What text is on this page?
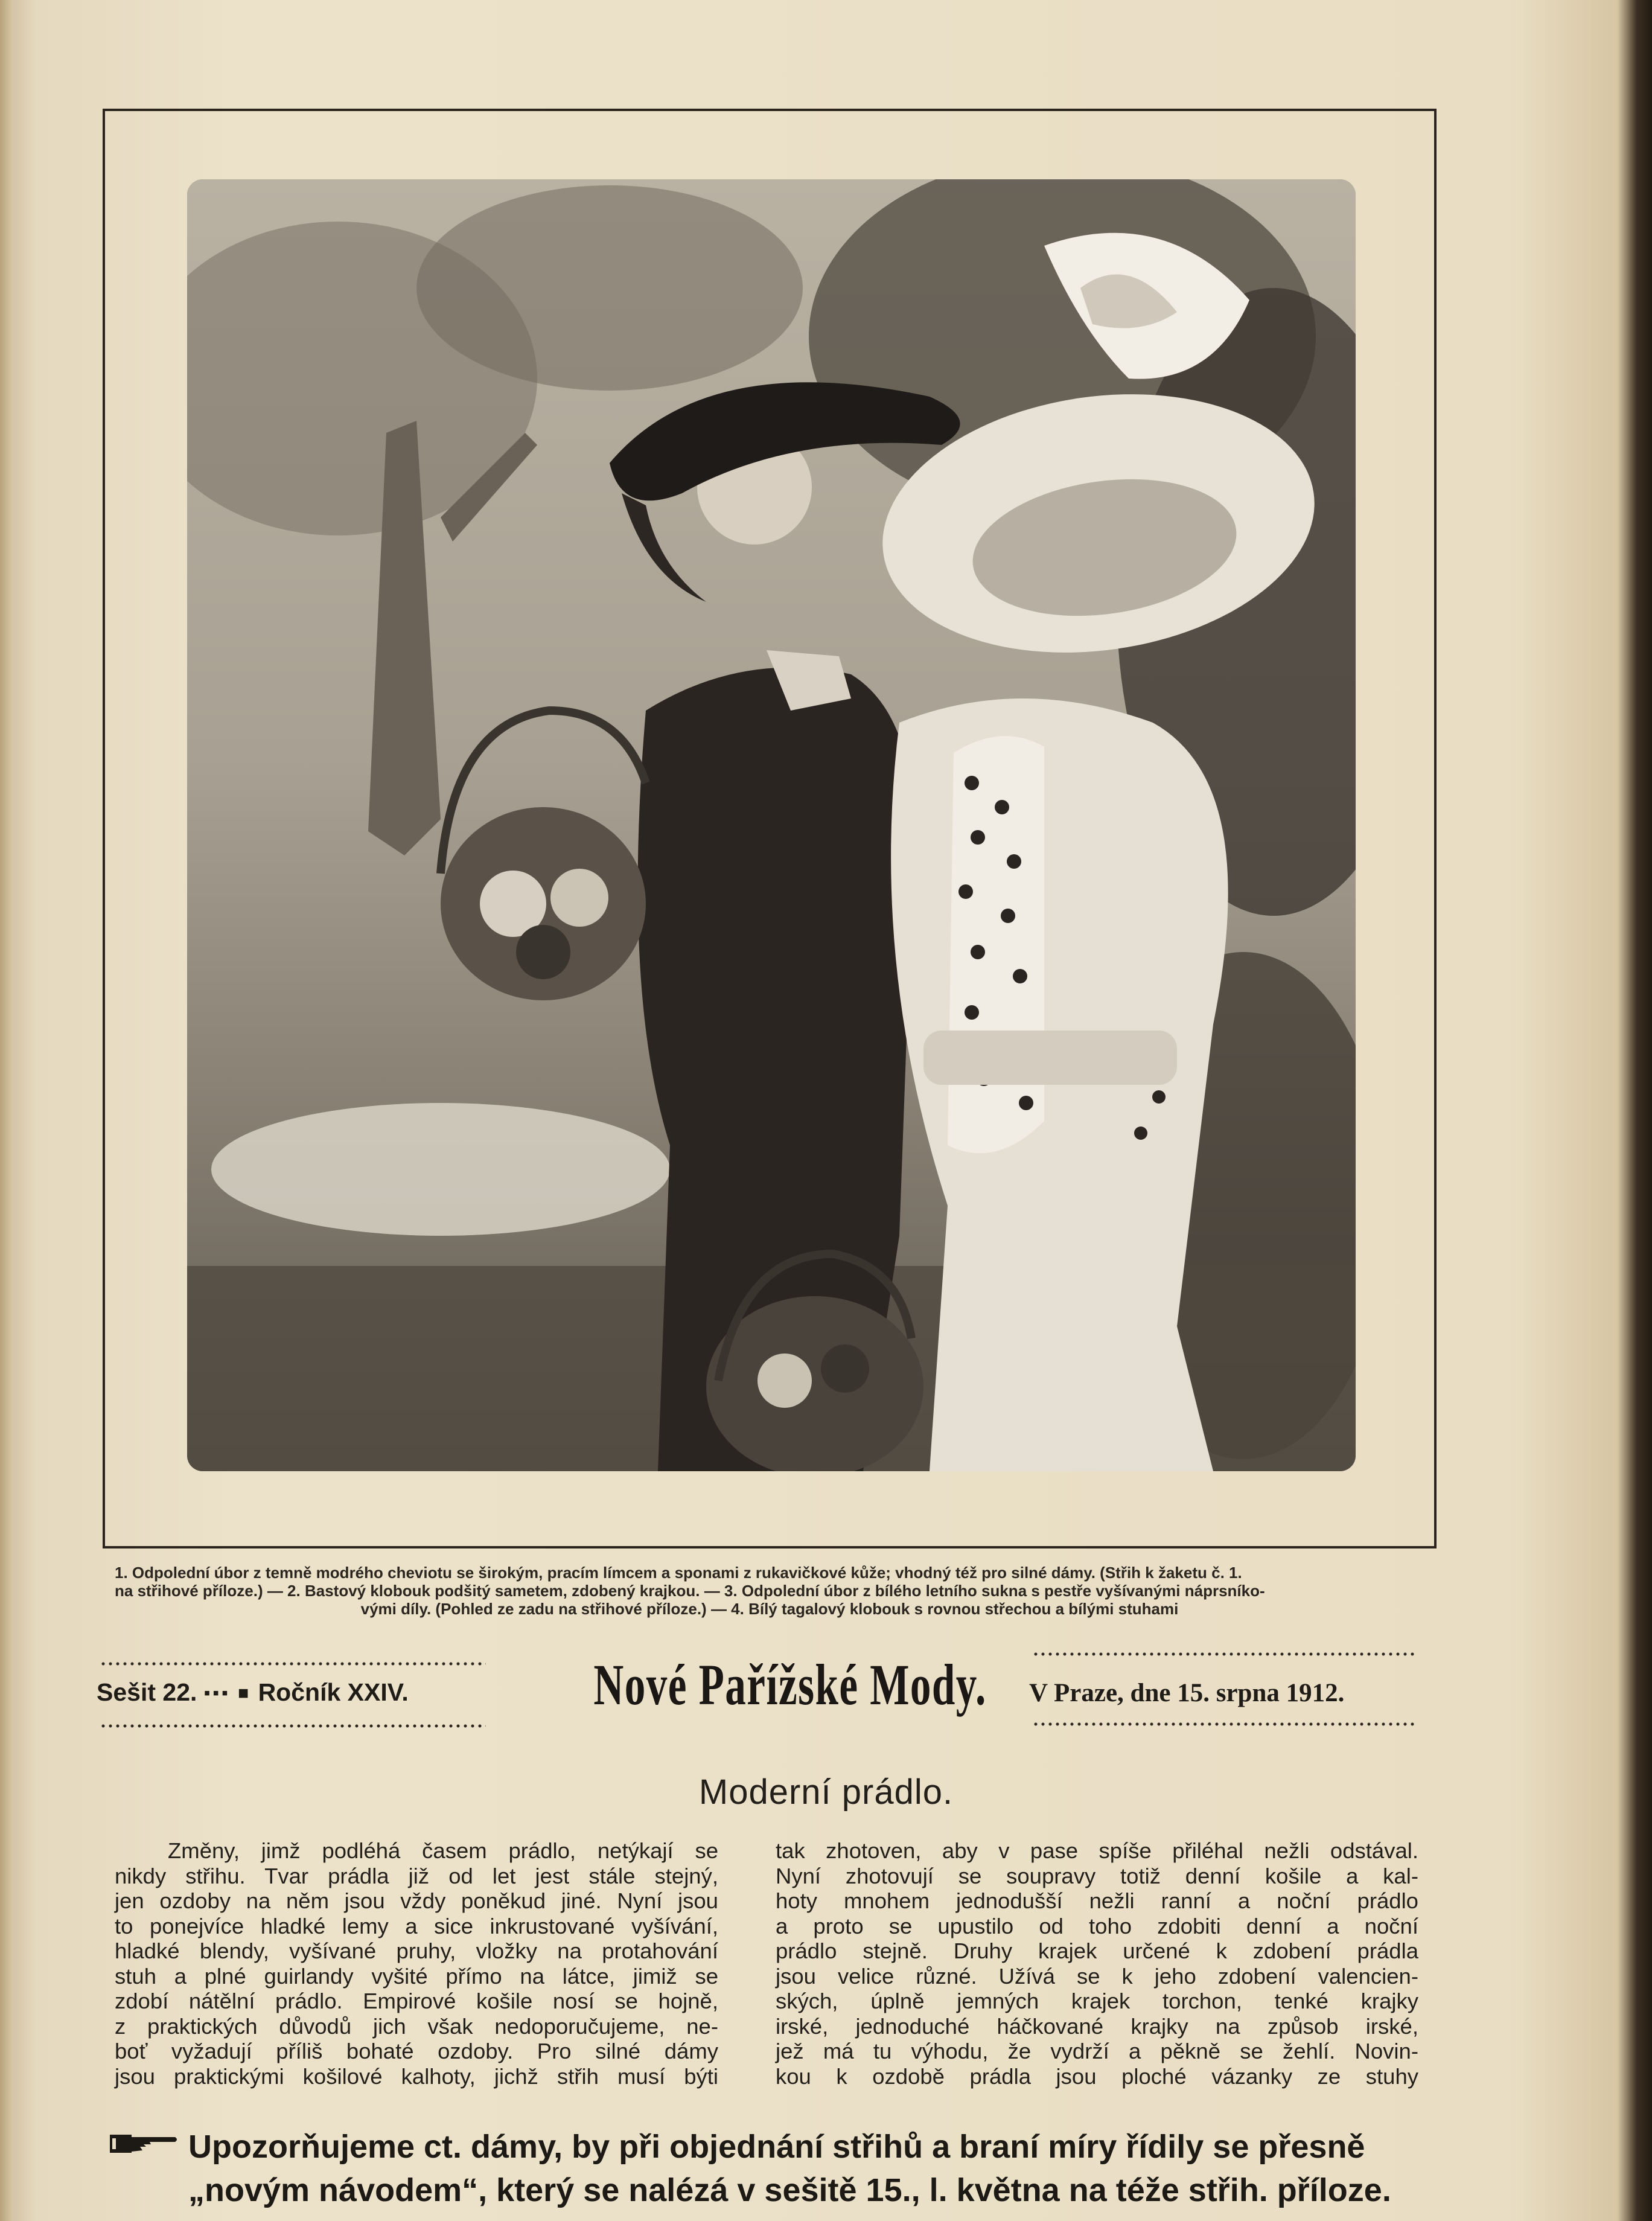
1. Odpolední úbor z temně modrého cheviotu se širokým, pracím límcem a sponami z rukavičkové kůže; vhodný též pro silné dámy. (Střih k žaketu č. 1.
na střihové příloze.) — 2. Bastový klobouk podšitý sametem, zdobený krajkou. — 3. Odpolední úbor z bílého letního sukna s pestře vyšívanými náprsníko-
vými díly. (Pohled ze zadu na střihové příloze.) — 4. Bílý tagalový klobouk s rovnou střechou a bílými stuhami
Sešit 22. ▪▪▪ ■ Ročník XXIV.	Nové Pařížské Mody. V Praze, dne 15. srpna 1912.
Moderní prádlo.
Změny, jimž podléhá časem prádlo, netýkají se
nikdy střihu. Tvar prádla již od let jest stále stejný,
jen ozdoby na něm jsou vždy poněkud jiné. Nyní jsou
to ponejvíce hladké lemy a sice inkrustované vyšívání,
hladké blendy, vyšívané pruhy, vložky na protahování
stuh a plné guirlandy vyšité přímo na látce, jimiž se
zdobí nátělní prádlo. Empirové košile nosí se hojně,
z praktických důvodů jich však nedoporučujeme, ne-
boť vyžadují příliš bohaté ozdoby. Pro silné dámy
jsou praktickými košilové kalhoty, jichž střih musí býti
tak zhotoven, aby v pase spíše přiléhal nežli odstával.
Nyní zhotovují se soupravy totiž denní košile a kal-
hoty mnohem jednodušší nežli ranní a noční prádlo
a proto se upustilo od toho zdobiti denní a noční
prádlo stejně. Druhy krajek určené k zdobení prádla
jsou velice různé. Užívá se k jeho zdobení valencien-
ských, úplně jemných krajek torchon, tenké krajky
irské, jednoduché háčkované krajky na způsob irské,
jež má tu výhodu, že vydrží a pěkně se žehlí. Novin-
kou k ozdobě prádla jsou ploché vázanky ze stuhy
Upozorňujeme ct. dámy, by při objednání střihů a braní míry řídily se přesně
„novým návodem“, který se nalézá v sešitě 15., l. května na téže střih. příloze.
